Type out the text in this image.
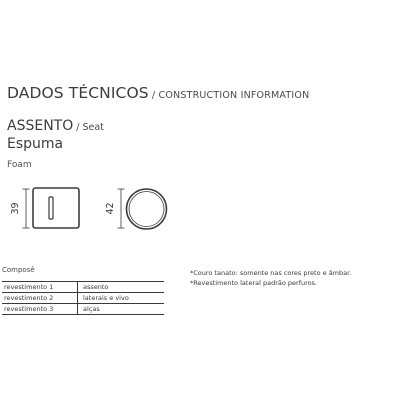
DADOS TÉCNICOS / CONSTRUCTION INFORMATION
ASSENTO / Seat
Espuma
Foam
39	42
Composê
revestimento 1	assento
revestimento 2	laterais e vivo
revestimento 3	alças
*Couro tanato: somente nas cores preto e âmbar.
*Revestimento lateral padrão perfuros.
